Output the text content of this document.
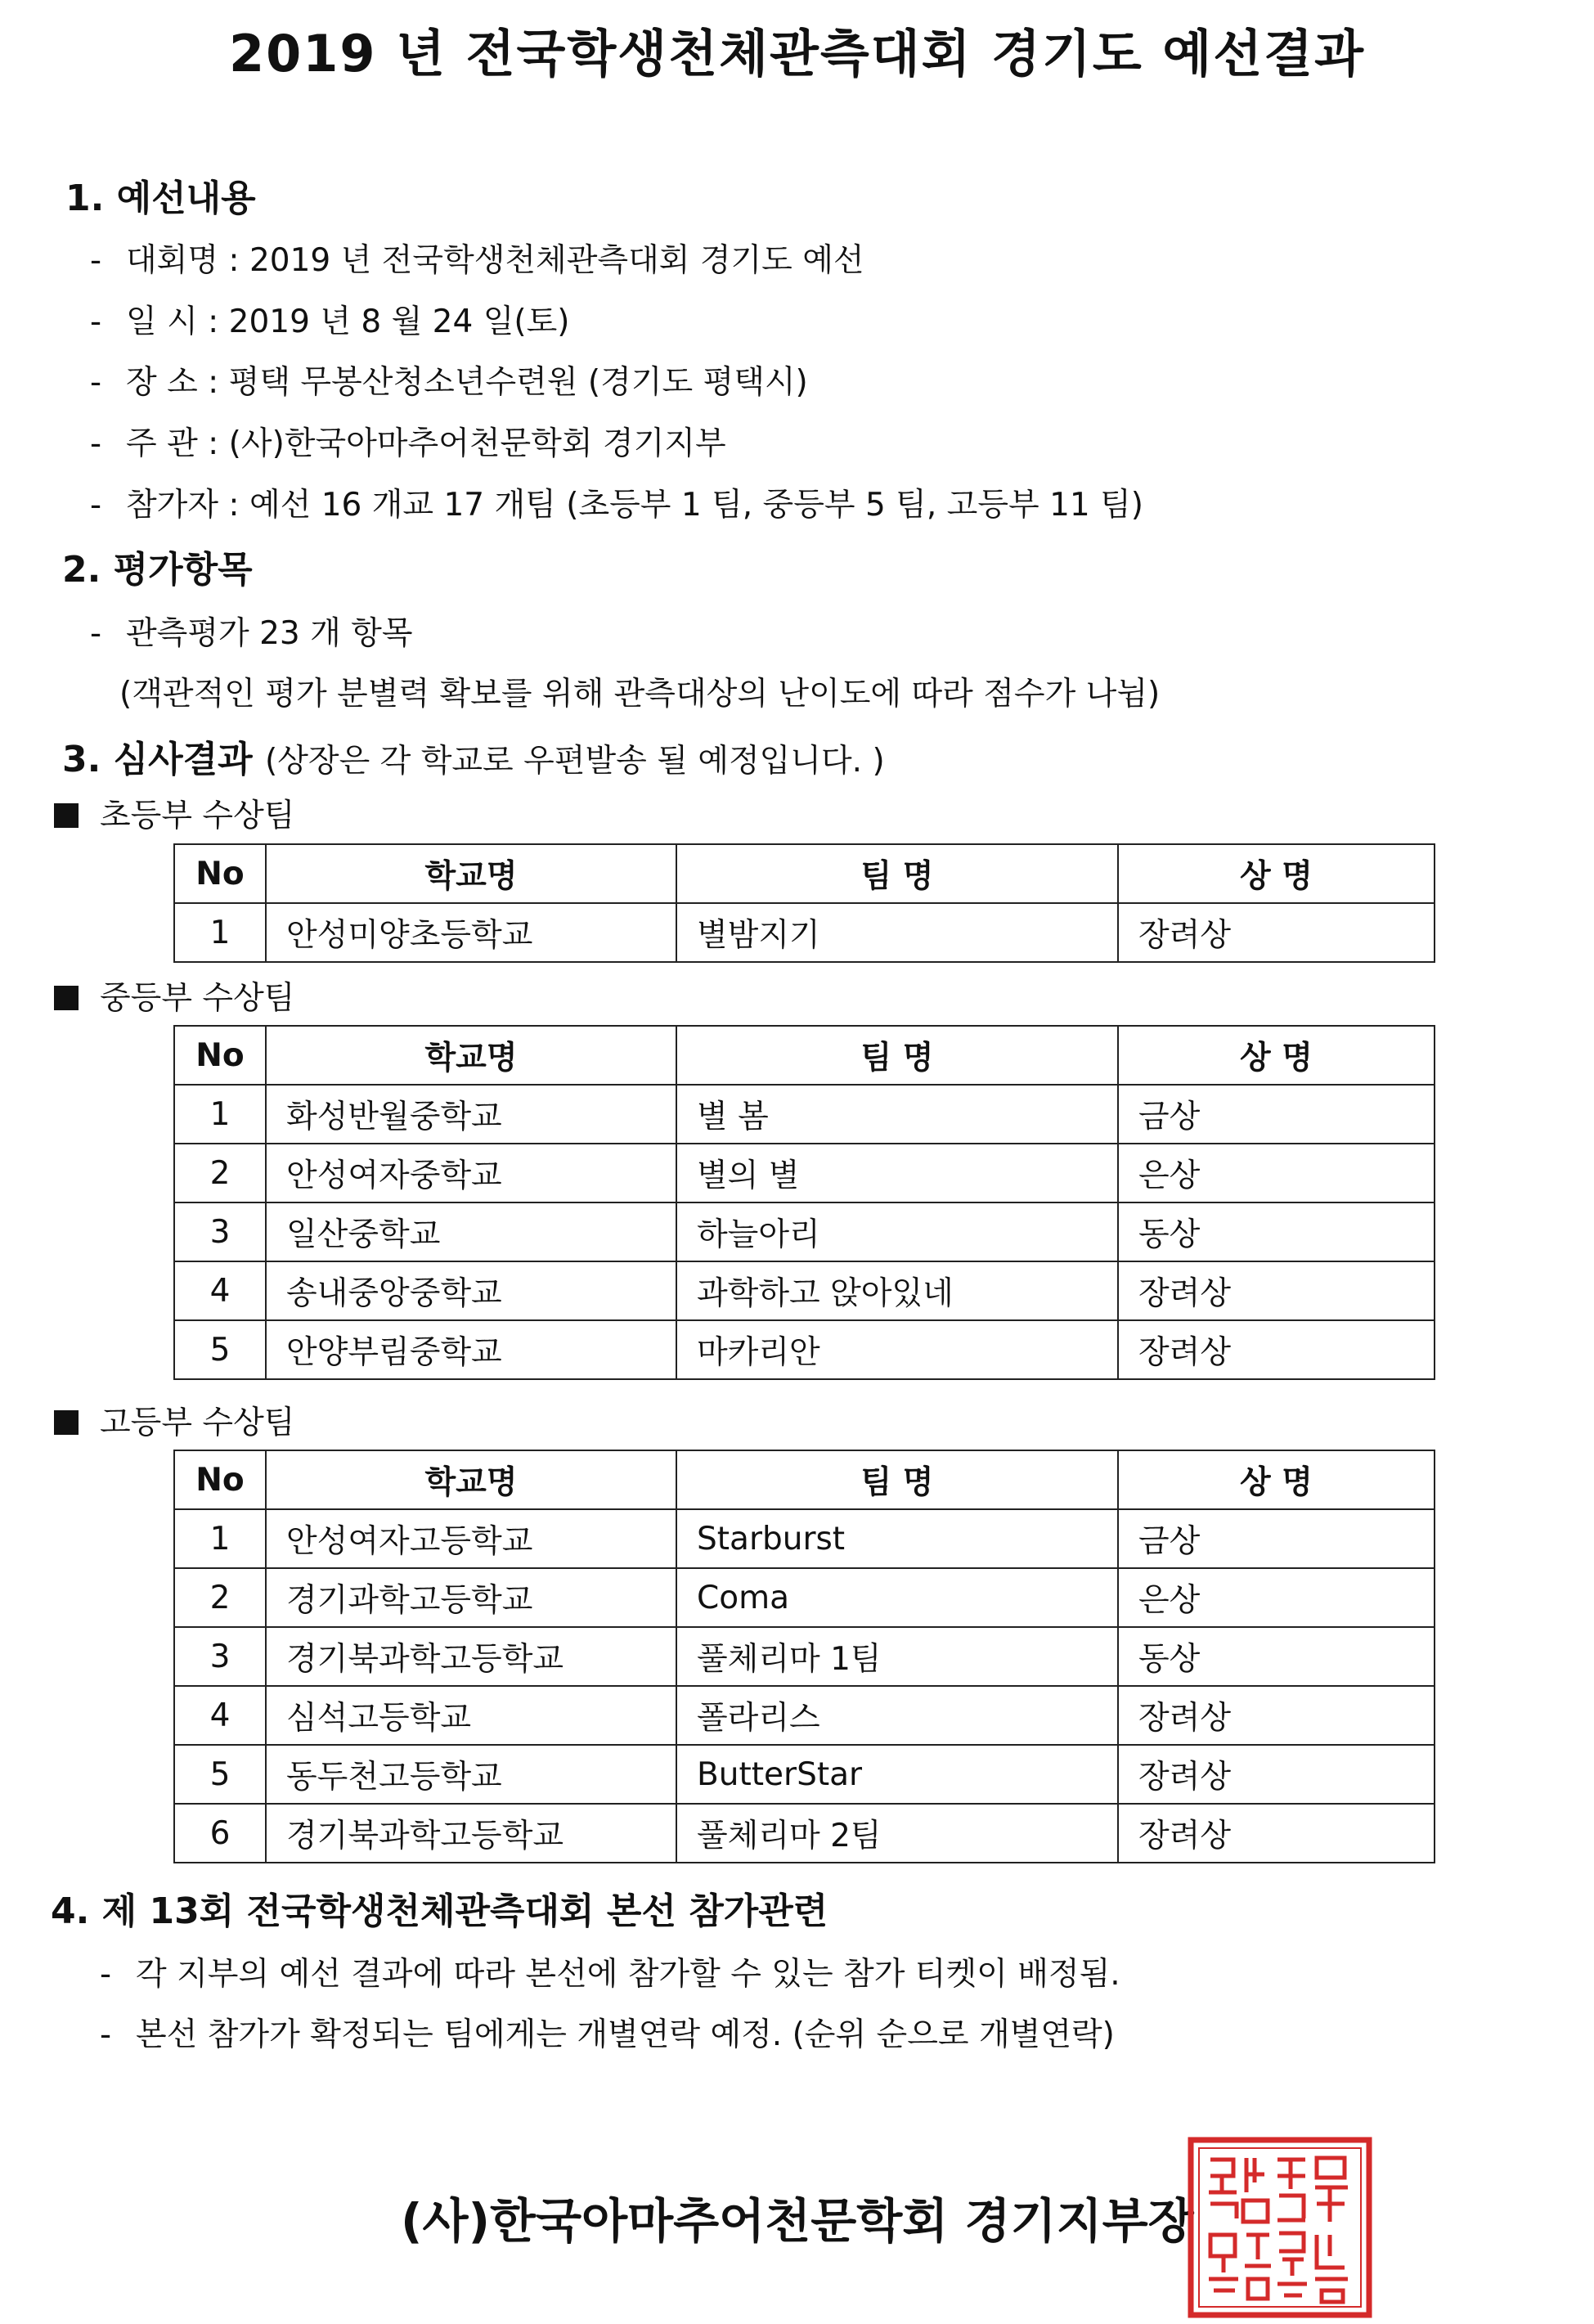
2019 년 전국학생천체관측대회 경기도 예선결과
1. 예선내용
- 대회명 : 2019 년 전국학생천체관측대회 경기도 예선
- 일 시 : 2019 년 8 월 24 일(토)
- 장 소 : 평택 무봉산청소년수련원 (경기도 평택시)
- 주 관 : (사)한국아마추어천문학회 경기지부
- 참가자 : 예선 16 개교 17 개팀 (초등부 1 팀, 중등부 5 팀, 고등부 11 팀)
2. 평가항목
- 관측평가 23 개 항목
(객관적인 평가 분별력 확보를 위해 관측대상의 난이도에 따라 점수가 나뉨)
3. 심사결과 (상장은 각 학교로 우편발송 될 예정입니다. )
초등부 수상팀
No	학교명	팀 명	상 명
1	안성미양초등학교	별밤지기	장려상
중등부 수상팀
No	학교명	팀 명	상 명
1	화성반월중학교	별 봄	금상
2	안성여자중학교	별의 별	은상
3	일산중학교	하늘아리	동상
4	송내중앙중학교	과학하고 앉아있네	장려상
5	안양부림중학교	마카리안	장려상
고등부 수상팀
No	학교명	팀 명	상 명
1	안성여자고등학교	Starburst	금상
2	경기과학고등학교	Coma	은상
3	경기북과학고등학교	풀체리마 1팀	동상
4	심석고등학교	폴라리스	장려상
5	동두천고등학교	ButterStar	장려상
6	경기북과학고등학교	풀체리마 2팀	장려상
4. 제 13회 전국학생천체관측대회 본선 참가관련
- 각 지부의 예선 결과에 따라 본선에 참가할 수 있는 참가 티켓이 배정됨.
- 본선 참가가 확정되는 팀에게는 개별연락 예정. (순위 순으로 개별연락)
(사)한국아마추어천문학회 경기지부장
